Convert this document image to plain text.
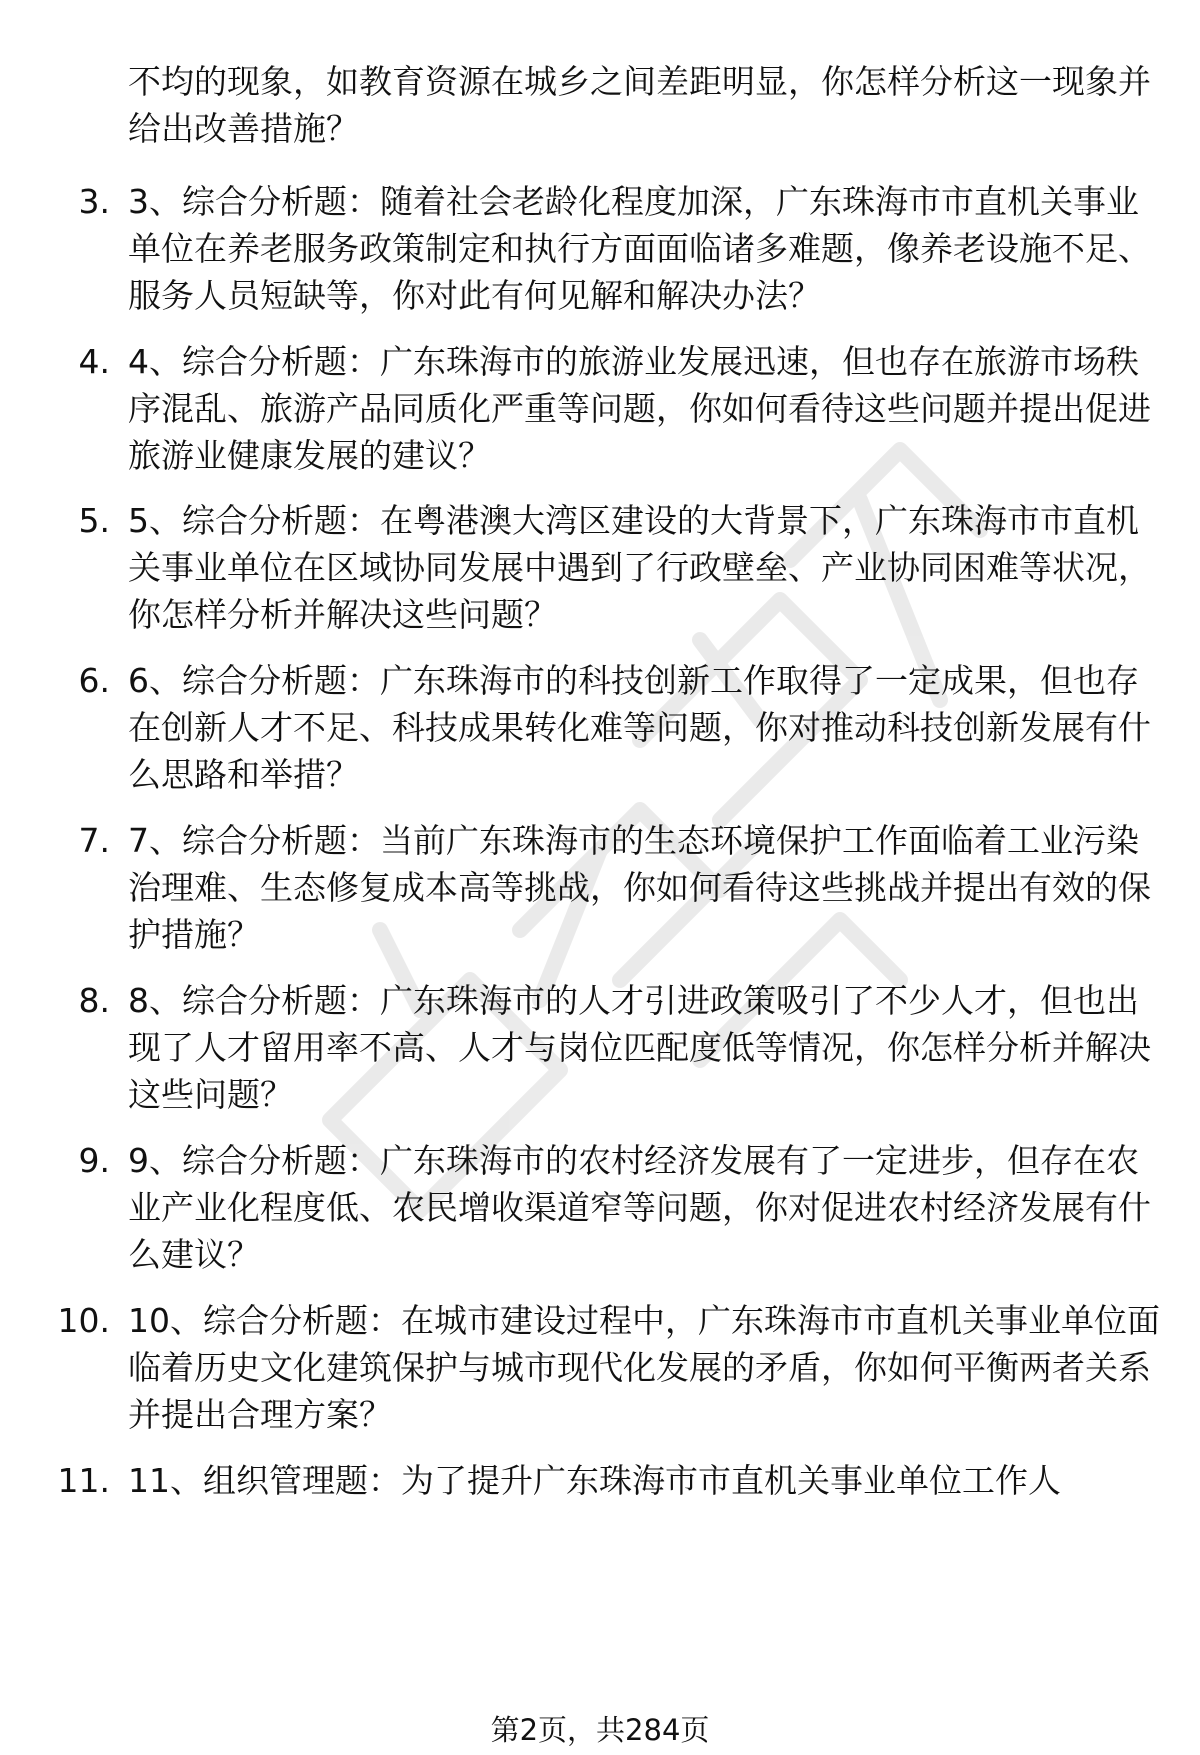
不均的现象，如教育资源在城乡之间差距明显，你怎样分析这一现象并给出改善措施？
3. 3、综合分析题：随着社会老龄化程度加深，广东珠海市市直机关事业单位在养老服务政策制定和执行方面面临诸多难题，像养老设施不足、服务人员短缺等，你对此有何见解和解决办法？
4. 4、综合分析题：广东珠海市的旅游业发展迅速，但也存在旅游市场秩序混乱、旅游产品同质化严重等问题，你如何看待这些问题并提出促进旅游业健康发展的建议？
5. 5、综合分析题：在粤港澳大湾区建设的大背景下，广东珠海市市直机关事业单位在区域协同发展中遇到了行政壁垒、产业协同困难等状况，你怎样分析并解决这些问题？
6. 6、综合分析题：广东珠海市的科技创新工作取得了一定成果，但也存在创新人才不足、科技成果转化难等问题，你对推动科技创新发展有什么思路和举措？
7. 7、综合分析题：当前广东珠海市的生态环境保护工作面临着工业污染治理难、生态修复成本高等挑战，你如何看待这些挑战并提出有效的保护措施？
8. 8、综合分析题：广东珠海市的人才引进政策吸引了不少人才，但也出现了人才留用率不高、人才与岗位匹配度低等情况，你怎样分析并解决这些问题？
9. 9、综合分析题：广东珠海市的农村经济发展有了一定进步，但存在农业产业化程度低、农民增收渠道窄等问题，你对促进农村经济发展有什么建议？
10. 10、综合分析题：在城市建设过程中，广东珠海市市直机关事业单位面临着历史文化建筑保护与城市现代化发展的矛盾，你如何平衡两者关系并提出合理方案？
11. 11、组织管理题：为了提升广东珠海市市直机关事业单位工作人
第2页，共284页
